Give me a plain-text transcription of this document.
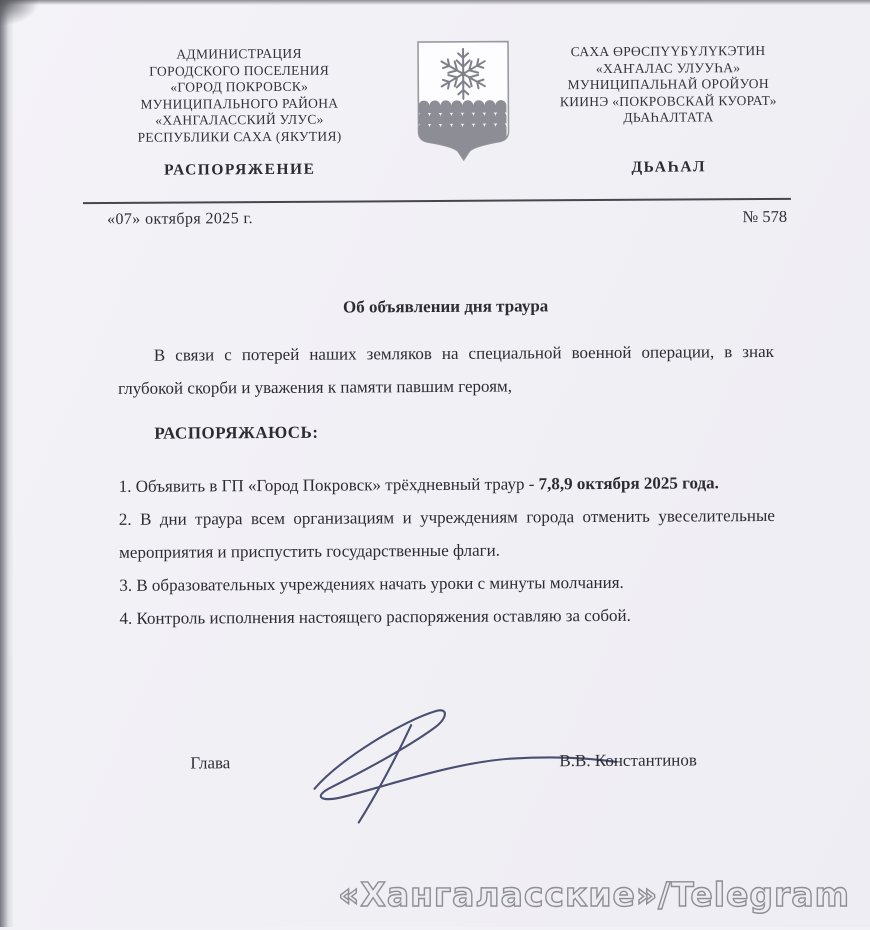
АДМИНИСТРАЦИЯ
ГОРОДСКОГО ПОСЕЛЕНИЯ
«ГОРОД ПОКРОВСК»
МУНИЦИПАЛЬНОГО РАЙОНА
«ХАНГАЛАССКИЙ УЛУС»
РЕСПУБЛИКИ САХА (ЯКУТИЯ)
САХА ӨРӨСПҮҮБҮЛҮКЭТИН
«ХАҤАЛАС УЛУУҺА»
МУНИЦИПАЛЬНАЙ ОРОЙУОН
КИИНЭ «ПОКРОВСКАЙ КУОРАТ»
ДЬАҺАЛТАТА
РАСПОРЯЖЕНИЕ	ДЬАҺАЛ
«07» октября 2025 г.	№ 578

Об объявлении дня траура

В связи с потерей наших земляков на специальной военной операции, в знак глубокой скорби и уважения к памяти павшим героям,

РАСПОРЯЖАЮСЬ:

1. Объявить в ГП «Город Покровск» трёхдневный траур - 7,8,9 октября 2025 года.

2. В дни траура всем организациям и учреждениям города отменить увеселительные мероприятия и приспустить государственные флаги.

3. В образовательных учреждениях начать уроки с минуты молчания.

4. Контроль исполнения настоящего распоряжения оставляю за собой.

Глава	В.В. Константинов
«Хангаласские»/Telegram
